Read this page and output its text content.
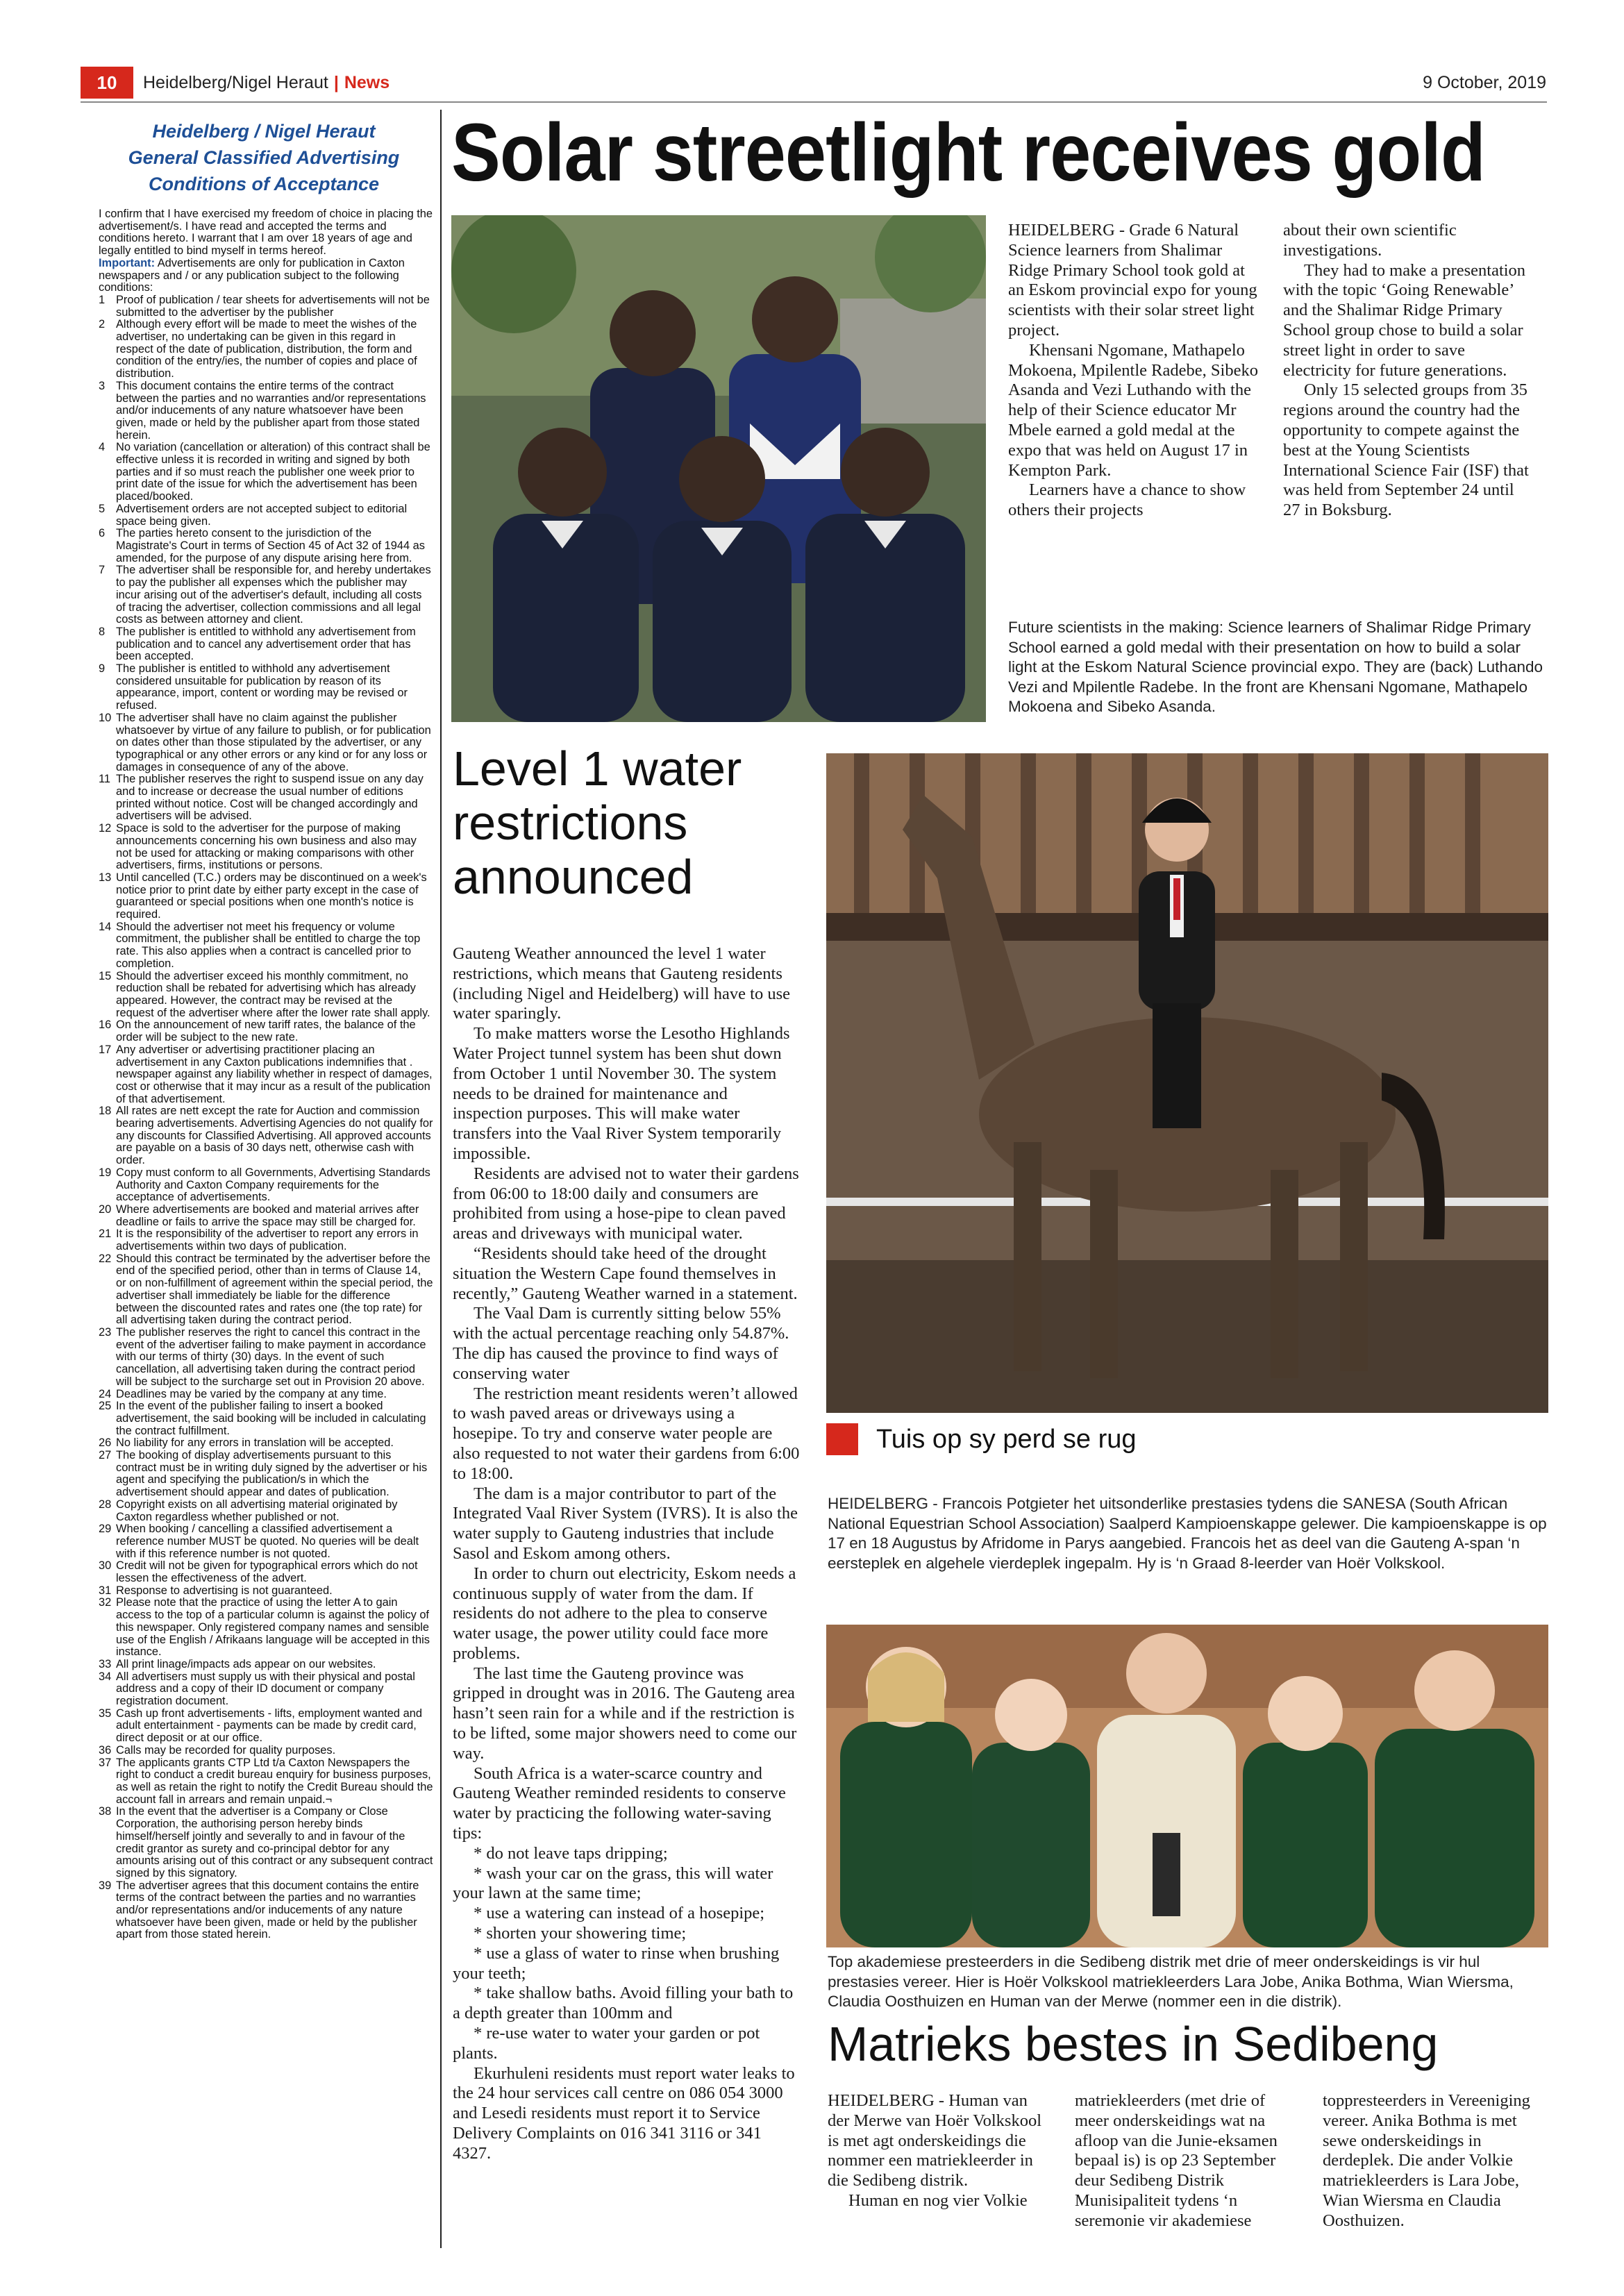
10	Heidelberg/Nigel Heraut | News	9 October, 2019
Heidelberg / Nigel Heraut
General Classified Advertising
Conditions of Acceptance

I confirm that I have exercised my freedom of choice in placing the advertisement/s. I have read and accepted the terms and conditions hereto. I warrant that I am over 18 years of age and legally entitled to bind myself in terms hereof.

Important: Advertisements are only for publication in Caxton newspapers and / or any publication subject to the following conditions:

1 Proof of publication / tear sheets for advertisements will not be submitted to the advertiser by the publisher
2 Although every effort will be made to meet the wishes of the advertiser, no undertaking can be given in this regard in respect of the date of publication, distribution, the form and condition of the entry/ies, the number of copies and place of distribution.
3 This document contains the entire terms of the contract between the parties and no warranties and/or representations and/or inducements of any nature whatsoever have been given, made or held by the publisher apart from those stated herein.
4 No variation (cancellation or alteration) of this contract shall be effective unless it is recorded in writing and signed by both parties and if so must reach the publisher one week prior to print date of the issue for which the advertisement has been placed/booked.
5 Advertisement orders are not accepted subject to editorial space being given.
6 The parties hereto consent to the jurisdiction of the Magistrate's Court in terms of Section 45 of Act 32 of 1944 as amended, for the purpose of any dispute arising here from.
7 The advertiser shall be responsible for, and hereby undertakes to pay the publisher all expenses which the publisher may incur arising out of the advertiser's default, including all costs of tracing the advertiser, collection commissions and all legal costs as between attorney and client.
8 The publisher is entitled to withhold any advertisement from publication and to cancel any advertisement order that has been accepted.
9 The publisher is entitled to withhold any advertisement considered unsuitable for publication by reason of its appearance, import, content or wording may be revised or refused.
10 The advertiser shall have no claim against the publisher whatsoever by virtue of any failure to publish, or for publication on dates other than those stipulated by the advertiser, or any typographical or any other errors or any kind or for any loss or damages in consequence of any of the above.
11 The publisher reserves the right to suspend issue on any day and to increase or decrease the usual number of editions printed without notice. Cost will be changed accordingly and advertisers will be advised.
12 Space is sold to the advertiser for the purpose of making announcements concerning his own business and also may not be used for attacking or making comparisons with other advertisers, firms, institutions or persons.
13 Until cancelled (T.C.) orders may be discontinued on a week's notice prior to print date by either party except in the case of guaranteed or special positions when one month's notice is required.
14 Should the advertiser not meet his frequency or volume commitment, the publisher shall be entitled to charge the top rate. This also applies when a contract is cancelled prior to completion.
15 Should the advertiser exceed his monthly commitment, no reduction shall be rebated for advertising which has already appeared. However, the contract may be revised at the request of the advertiser where after the lower rate shall apply.
16 On the announcement of new tariff rates, the balance of the order will be subject to the new rate.
17 Any advertiser or advertising practitioner placing an advertisement in any Caxton publications indemnifies that . newspaper against any liability whether in respect of damages, cost or otherwise that it may incur as a result of the publication of that advertisement.
18 All rates are nett except the rate for Auction and commission bearing advertisements. Advertising Agencies do not qualify for any discounts for Classified Advertising. All approved accounts are payable on a basis of 30 days nett, otherwise cash with order.
19 Copy must conform to all Governments, Advertising Standards Authority and Caxton Company requirements for the acceptance of advertisements.
20 Where advertisements are booked and material arrives after deadline or fails to arrive the space may still be charged for.
21 It is the responsibility of the advertiser to report any errors in advertisements within two days of publication.
22 Should this contract be terminated by the advertiser before the end of the specified period, other than in terms of Clause 14, or on non-fulfillment of agreement within the special period, the advertiser shall immediately be liable for the difference between the discounted rates and rates one (the top rate) for all advertising taken during the contract period.
23 The publisher reserves the right to cancel this contract in the event of the advertiser failing to make payment in accordance with our terms of thirty (30) days. In the event of such cancellation, all advertising taken during the contract period will be subject to the surcharge set out in Provision 20 above.
24 Deadlines may be varied by the company at any time.
25 In the event of the publisher failing to insert a booked advertisement, the said booking will be included in calculating the contract fulfillment.
26 No liability for any errors in translation will be accepted.
27 The booking of display advertisements pursuant to this contract must be in writing duly signed by the advertiser or his agent and specifying the publication/s in which the advertisement should appear and dates of publication.
28 Copyright exists on all advertising material originated by Caxton regardless whether published or not.
29 When booking / cancelling a classified advertisement a reference number MUST be quoted. No queries will be dealt with if this reference number is not quoted.
30 Credit will not be given for typographical errors which do not lessen the effectiveness of the advert.
31 Response to advertising is not guaranteed.
32 Please note that the practice of using the letter A to gain access to the top of a particular column is against the policy of this newspaper. Only registered company names and sensible use of the English / Afrikaans language will be accepted in this instance.
33 All print linage/impacts ads appear on our websites.
34 All advertisers must supply us with their physical and postal address and a copy of their ID document or company registration document.
35 Cash up front advertisements - lifts, employment wanted and adult entertainment - payments can be made by credit card, direct deposit or at our office.
36 Calls may be recorded for quality purposes.
37 The applicants grants CTP Ltd t/a Caxton Newspapers the right to conduct a credit bureau enquiry for business purposes, as well as retain the right to notify the Credit Bureau should the account fall in arrears and remain unpaid.¬
38 In the event that the advertiser is a Company or Close Corporation, the authorising person hereby binds himself/herself jointly and severally to and in favour of the credit grantor as surety and co-principal debtor for any amounts arising out of this contract or any subsequent contract signed by this signatory.
39 The advertiser agrees that this document contains the entire terms of the contract between the parties and no warranties and/or representations and/or inducements of any nature whatsoever have been given, made or held by the publisher apart from those stated herein.
Solar streetlight receives gold

HEIDELBERG - Grade 6 Natural Science learners from Shalimar Ridge Primary School took gold at an Eskom provincial expo for young scientists with their solar street light project.

Khensani Ngomane, Mathapelo Mokoena, Mpilentle Radebe, Sibeko Asanda and Vezi Luthando with the help of their Science educator Mr Mbele earned a gold medal at the expo that was held on August 17 in Kempton Park.

Learners have a chance to show others their projects

about their own scientific investigations.

They had to make a presentation with the topic ‘Going Renewable’ and the Shalimar Ridge Primary School group chose to build a solar street light in order to save electricity for future generations.

Only 15 selected groups from 35 regions around the country had the opportunity to compete against the best at the Young Scientists International Science Fair (ISF) that was held from September 24 until 27 in Boksburg.

Future scientists in the making: Science learners of Shalimar Ridge Primary School earned a gold medal with their presentation on how to build a solar light at the Eskom Natural Science provincial expo. They are (back) Luthando Vezi and Mpilentle Radebe. In the front are Khensani Ngomane, Mathapelo Mokoena and Sibeko Asanda.
Level 1 water
restrictions
announced

Gauteng Weather announced the level 1 water restrictions, which means that Gauteng residents (including Nigel and Heidelberg) will have to use water sparingly.

To make matters worse the Lesotho Highlands Water Project tunnel system has been shut down from October 1 until November 30. The system needs to be drained for maintenance and inspection purposes. This will make water transfers into the Vaal River System temporarily impossible.

Residents are advised not to water their gardens from 06:00 to 18:00 daily and consumers are prohibited from using a hose-pipe to clean paved areas and driveways with municipal water.

“Residents should take heed of the drought situation the Western Cape found themselves in recently,” Gauteng Weather warned in a statement.

The Vaal Dam is currently sitting below 55% with the actual percentage reaching only 54.87%. The dip has caused the province to find ways of conserving water

The restriction meant residents weren’t allowed to wash paved areas or driveways using a hosepipe. To try and conserve water people are also requested to not water their gardens from 6:00 to 18:00.

The dam is a major contributor to part of the Integrated Vaal River System (IVRS). It is also the water supply to Gauteng industries that include Sasol and Eskom among others.

In order to churn out electricity, Eskom needs a continuous supply of water from the dam. If residents do not adhere to the plea to conserve water usage, the power utility could face more problems.

The last time the Gauteng province was gripped in drought was in 2016. The Gauteng area hasn’t seen rain for a while and if the restriction is to be lifted, some major showers need to come our way.

South Africa is a water-scarce country and Gauteng Weather reminded residents to conserve water by practicing the following water-saving tips:

* do not leave taps dripping;

* wash your car on the grass, this will water your lawn at the same time;

* use a watering can instead of a hosepipe;

* shorten your showering time;

* use a glass of water to rinse when brushing your teeth;

* take shallow baths. Avoid filling your bath to a depth greater than 100mm and

* re-use water to water your garden or pot plants.

Ekurhuleni residents must report water leaks to the 24 hour services call centre on 086 054 3000 and Lesedi residents must report it to Service Delivery Complaints on 016 341 3116 or 341 4327.

Tuis op sy perd se rug
HEIDELBERG - Francois Potgieter het uitsonderlike prestasies tydens die SANESA (South African National Equestrian School Association) Saalperd Kampioenskappe gelewer. Die kampioenskappe is op 17 en 18 Augustus by Afridome in Parys aangebied. Francois het as deel van die Gauteng A-span ‘n eersteplek en algehele vierdeplek ingepalm. Hy is ‘n Graad 8-leerder van Hoër Volkskool.
Top akademiese presteerders in die Sedibeng distrik met drie of meer onderskeidings is vir hul prestasies vereer. Hier is Hoër Volkskool matriekleerders Lara Jobe, Anika Bothma, Wian Wiersma, Claudia Oosthuizen en Human van der Merwe (nommer een in die distrik).
Matrieks bestes in Sedibeng

HEIDELBERG - Human van der Merwe van Hoër Volkskool is met agt onderskeidings die nommer een matriekleerder in die Sedibeng distrik.

Human en nog vier Volkie

matriekleerders (met drie of meer onderskeidings wat na afloop van die Junie-eksamen bepaal is) is op 23 September deur Sedibeng Distrik Munisipaliteit tydens ‘n seremonie vir akademiese

toppresteerders in Vereeniging vereer. Anika Bothma is met sewe onderskeidings in derdeplek. Die ander Volkie matriekleerders is Lara Jobe, Wian Wiersma en Claudia Oosthuizen.
